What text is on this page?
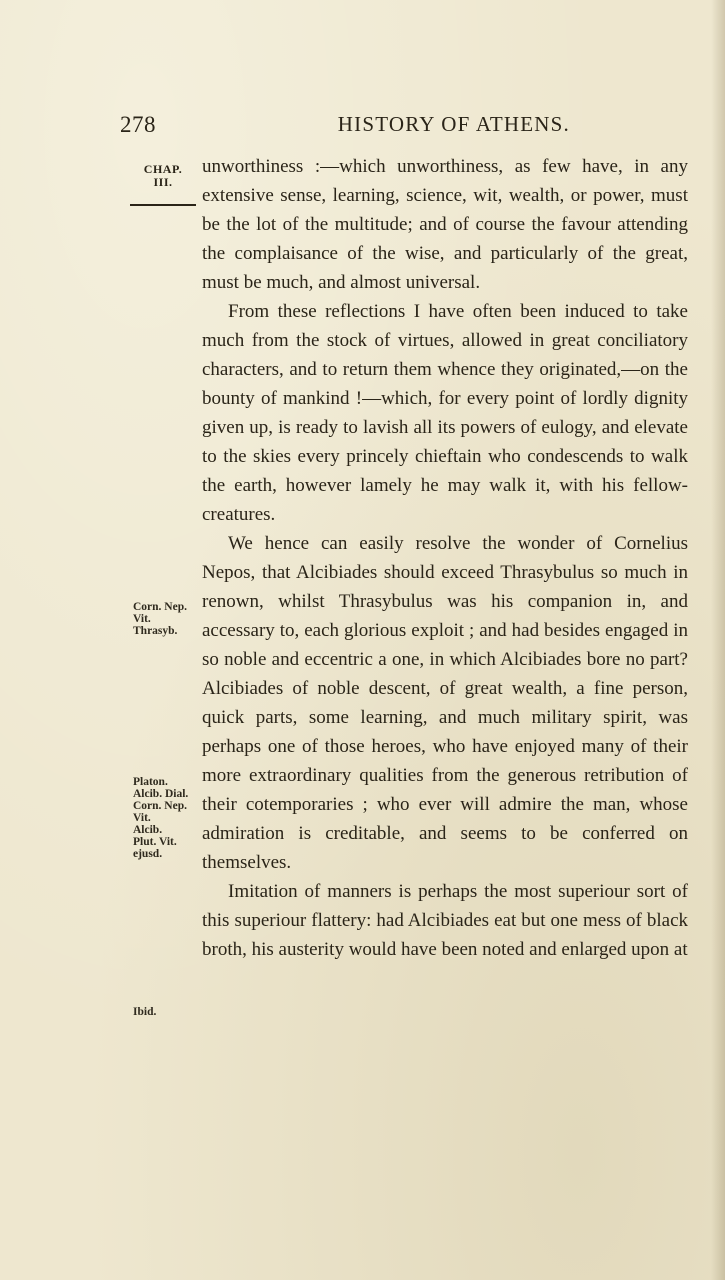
278	HISTORY OF ATHENS.
CHAP.
III.

unworthiness :—which unworthiness, as few have, in any extensive sense, learning, science, wit, wealth, or power, must be the lot of the multitude; and of course the favour attending the complaisance of the wise, and particularly of the great, must be much, and almost universal.

From these reflections I have often been induced to take much from the stock of virtues, allowed in great conciliatory characters, and to return them whence they originated,—on the bounty of mankind !—which, for every point of lordly dignity given up, is ready to lavish all its powers of eulogy, and elevate to the skies every princely chieftain who condescends to walk the earth, however lamely he may walk it, with his fellow-creatures.

We hence can easily resolve the wonder of Cornelius Nepos, that Alcibiades should exceed Thrasybulus so much in renown, whilst Thrasybulus was his companion in, and accessary to, each glorious exploit ; and had besides engaged in so noble and eccentric a one, in which Alcibiades bore no part? Alcibiades of noble descent, of great wealth, a fine person, quick parts, some learning, and much military spirit, was perhaps one of those heroes, who have enjoyed many of their more extraordinary qualities from the generous retribution of their cotemporaries ; who ever will admire the man, whose admiration is creditable, and seems to be conferred on themselves.

Imitation of manners is perhaps the most superiour sort of this superiour flattery: had Alcibiades eat but one mess of black broth, his austerity would have been noted and enlarged upon at

Corn. Nep.
Vit.
Thrasyb.
Platon.
Alcib. Dial.
Corn. Nep.
Vit.
Alcib.
Plut. Vit.
ejusd.
Ibid.
